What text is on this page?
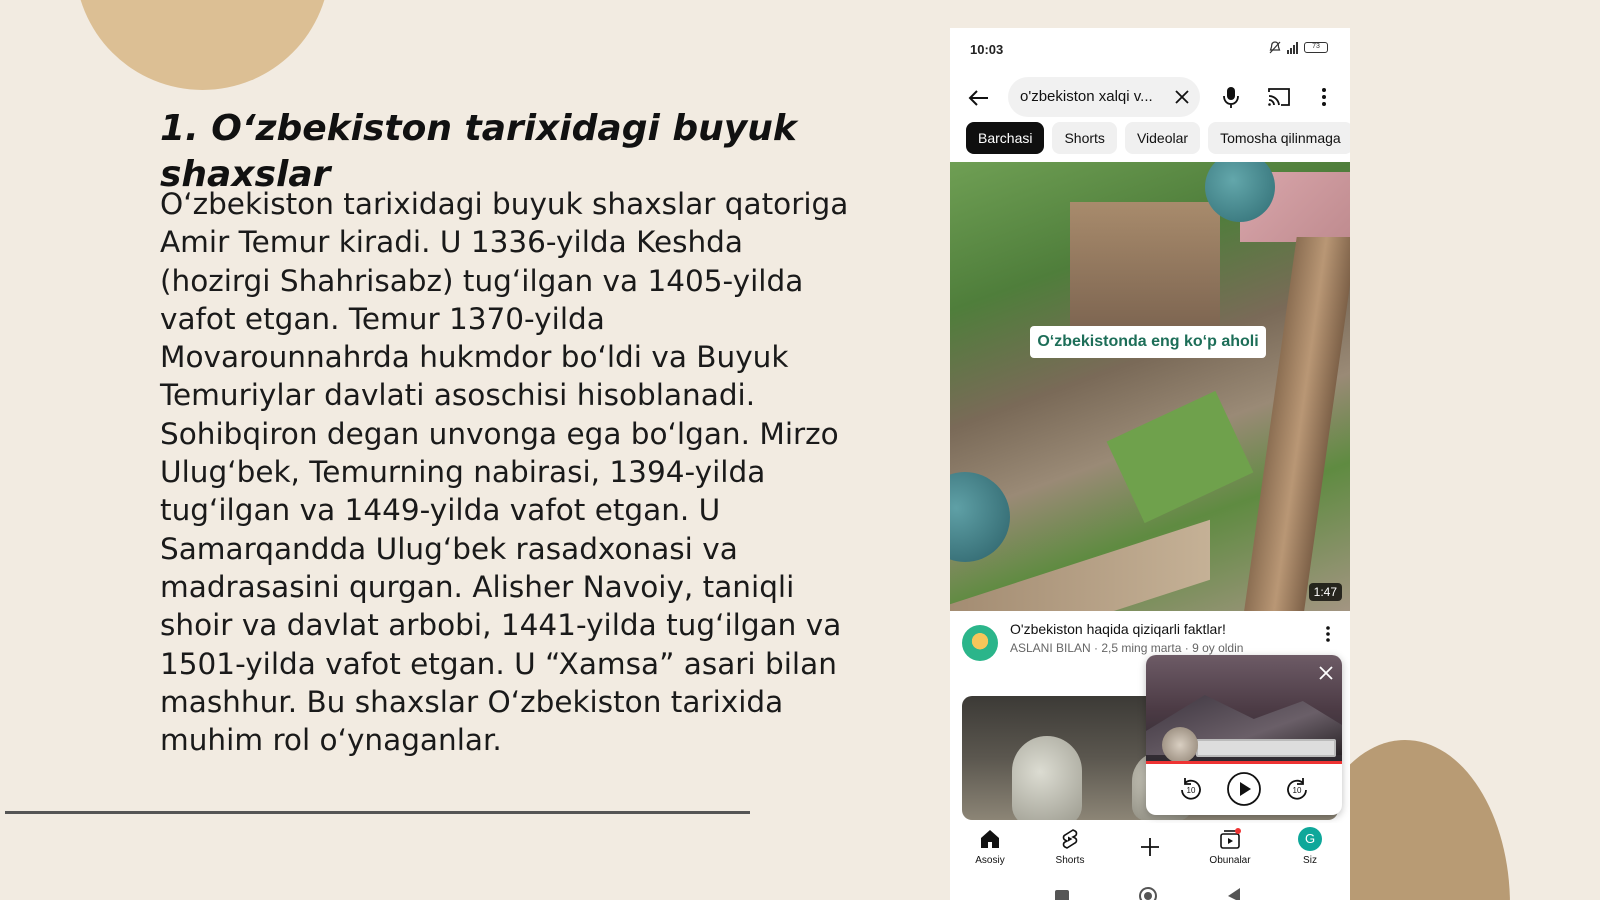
1. O‘zbekiston tarixidagi buyuk
shaxslar
O‘zbekiston tarixidagi buyuk shaxslar qatoriga Amir Temur kiradi. U 1336-yilda Keshda (hozirgi Shahrisabz) tug‘ilgan va 1405-yilda vafot etgan. Temur 1370-yilda Movarounnahrda hukmdor bo‘ldi va Buyuk Temuriylar davlati asoschisi hisoblanadi. Sohibqiron degan unvonga ega bo‘lgan. Mirzo Ulug‘bek, Temurning nabirasi, 1394-yilda tug‘ilgan va 1449-yilda vafot etgan. U Samarqandda Ulug‘bek rasadxonasi va madrasasini qurgan. Alisher Navoiy, taniqli shoir va davlat arbobi, 1441-yilda tug‘ilgan va 1501-yilda vafot etgan. U “Xamsa” asari bilan mashhur. Bu shaxslar O‘zbekiston tarixida muhim rol o‘ynaganlar.
10:03	73
o'zbekiston xalqi v...
Barchasi	Shorts	Videolar	Tomosha qilinmaga
O‘zbekistonda eng ko‘p aholi
1:47
O'zbekiston haqida qiziqarli faktlar!
ASLANI BILAN · 2,5 ming marta · 9 oy oldin
10	10
Asosiy	Shorts	Obunalar
G
Siz
